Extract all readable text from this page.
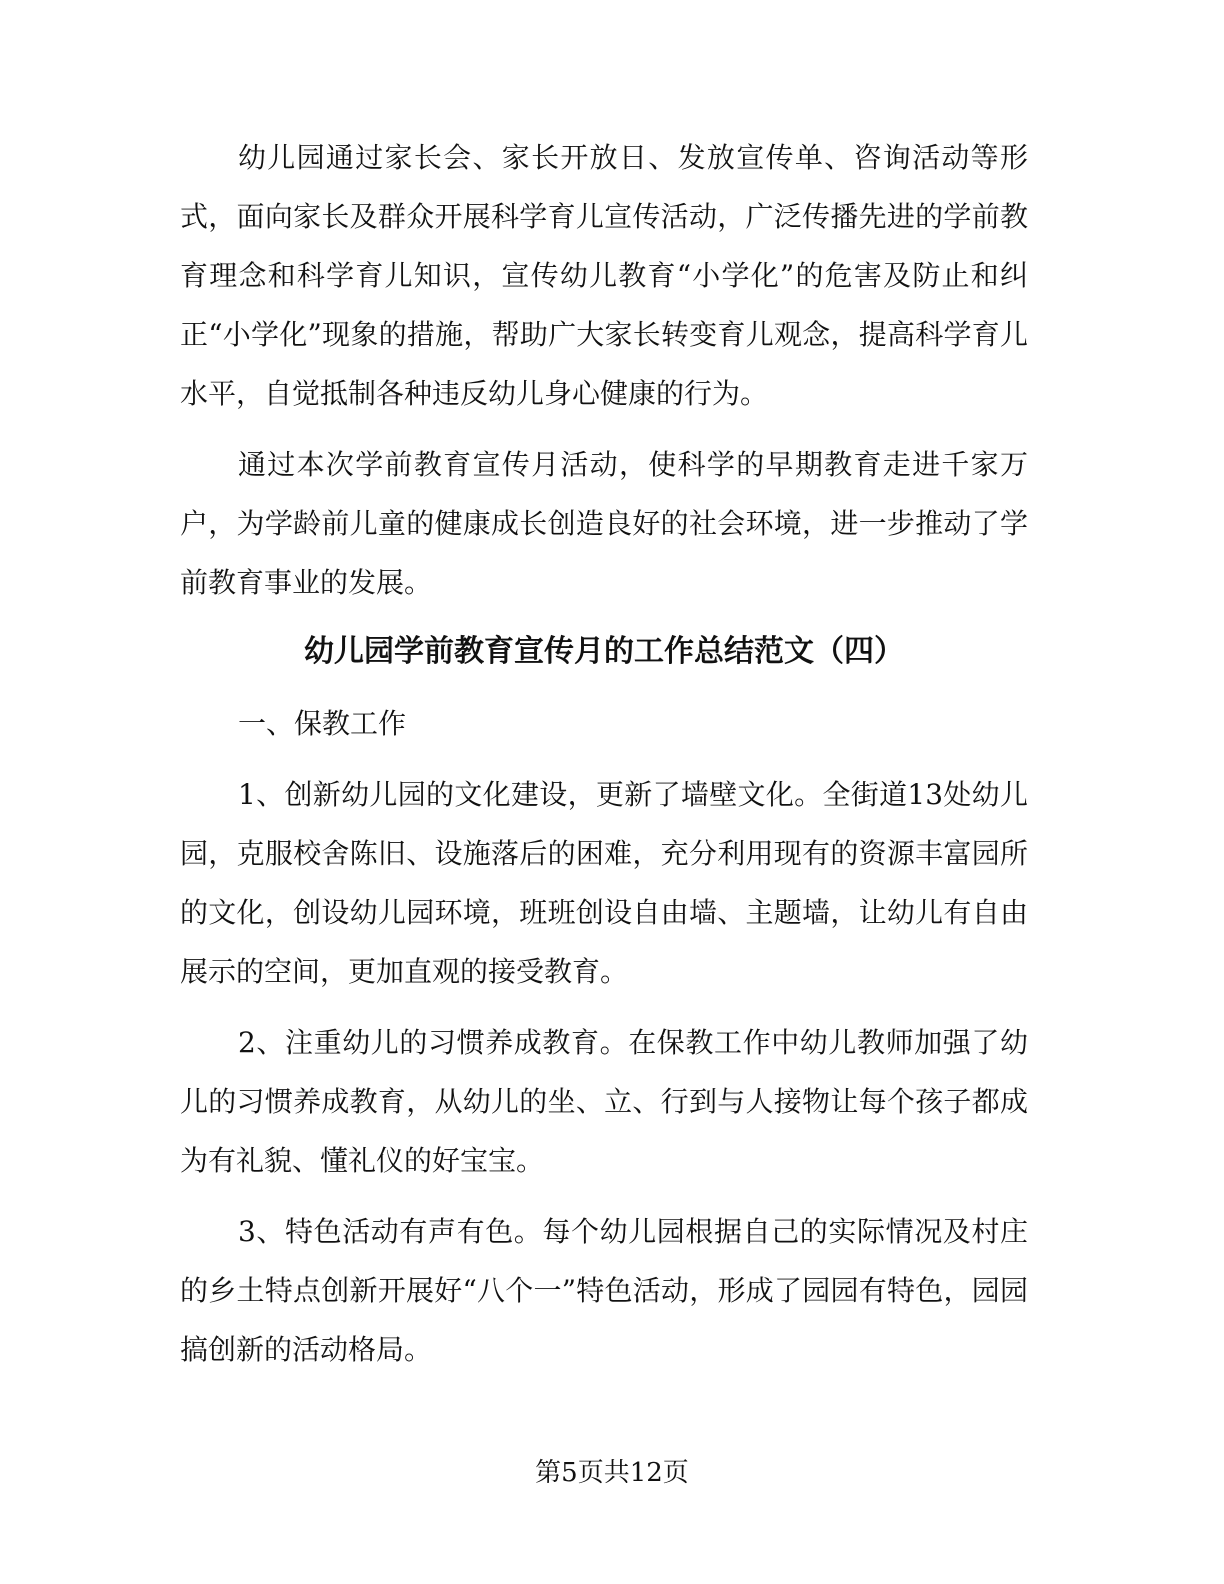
幼儿园通过家长会、家长开放日、发放宣传单、咨询活动等形式，面向家长及群众开展科学育儿宣传活动，广泛传播先进的学前教育理念和科学育儿知识，宣传幼儿教育“小学化”的危害及防止和纠正“小学化”现象的措施，帮助广大家长转变育儿观念，提高科学育儿水平，自觉抵制各种违反幼儿身心健康的行为。

通过本次学前教育宣传月活动，使科学的早期教育走进千家万户，为学龄前儿童的健康成长创造良好的社会环境，进一步推动了学前教育事业的发展。

幼儿园学前教育宣传月的工作总结范文（四）

一、保教工作

1、创新幼儿园的文化建设，更新了墙壁文化。全街道13处幼儿园，克服校舍陈旧、设施落后的困难，充分利用现有的资源丰富园所的文化，创设幼儿园环境，班班创设自由墙、主题墙，让幼儿有自由展示的空间，更加直观的接受教育。

2、注重幼儿的习惯养成教育。在保教工作中幼儿教师加强了幼儿的习惯养成教育，从幼儿的坐、立、行到与人接物让每个孩子都成为有礼貌、懂礼仪的好宝宝。

3、特色活动有声有色。每个幼儿园根据自己的实际情况及村庄的乡土特点创新开展好“八个一”特色活动，形成了园园有特色，园园搞创新的活动格局。

第5页共12页
